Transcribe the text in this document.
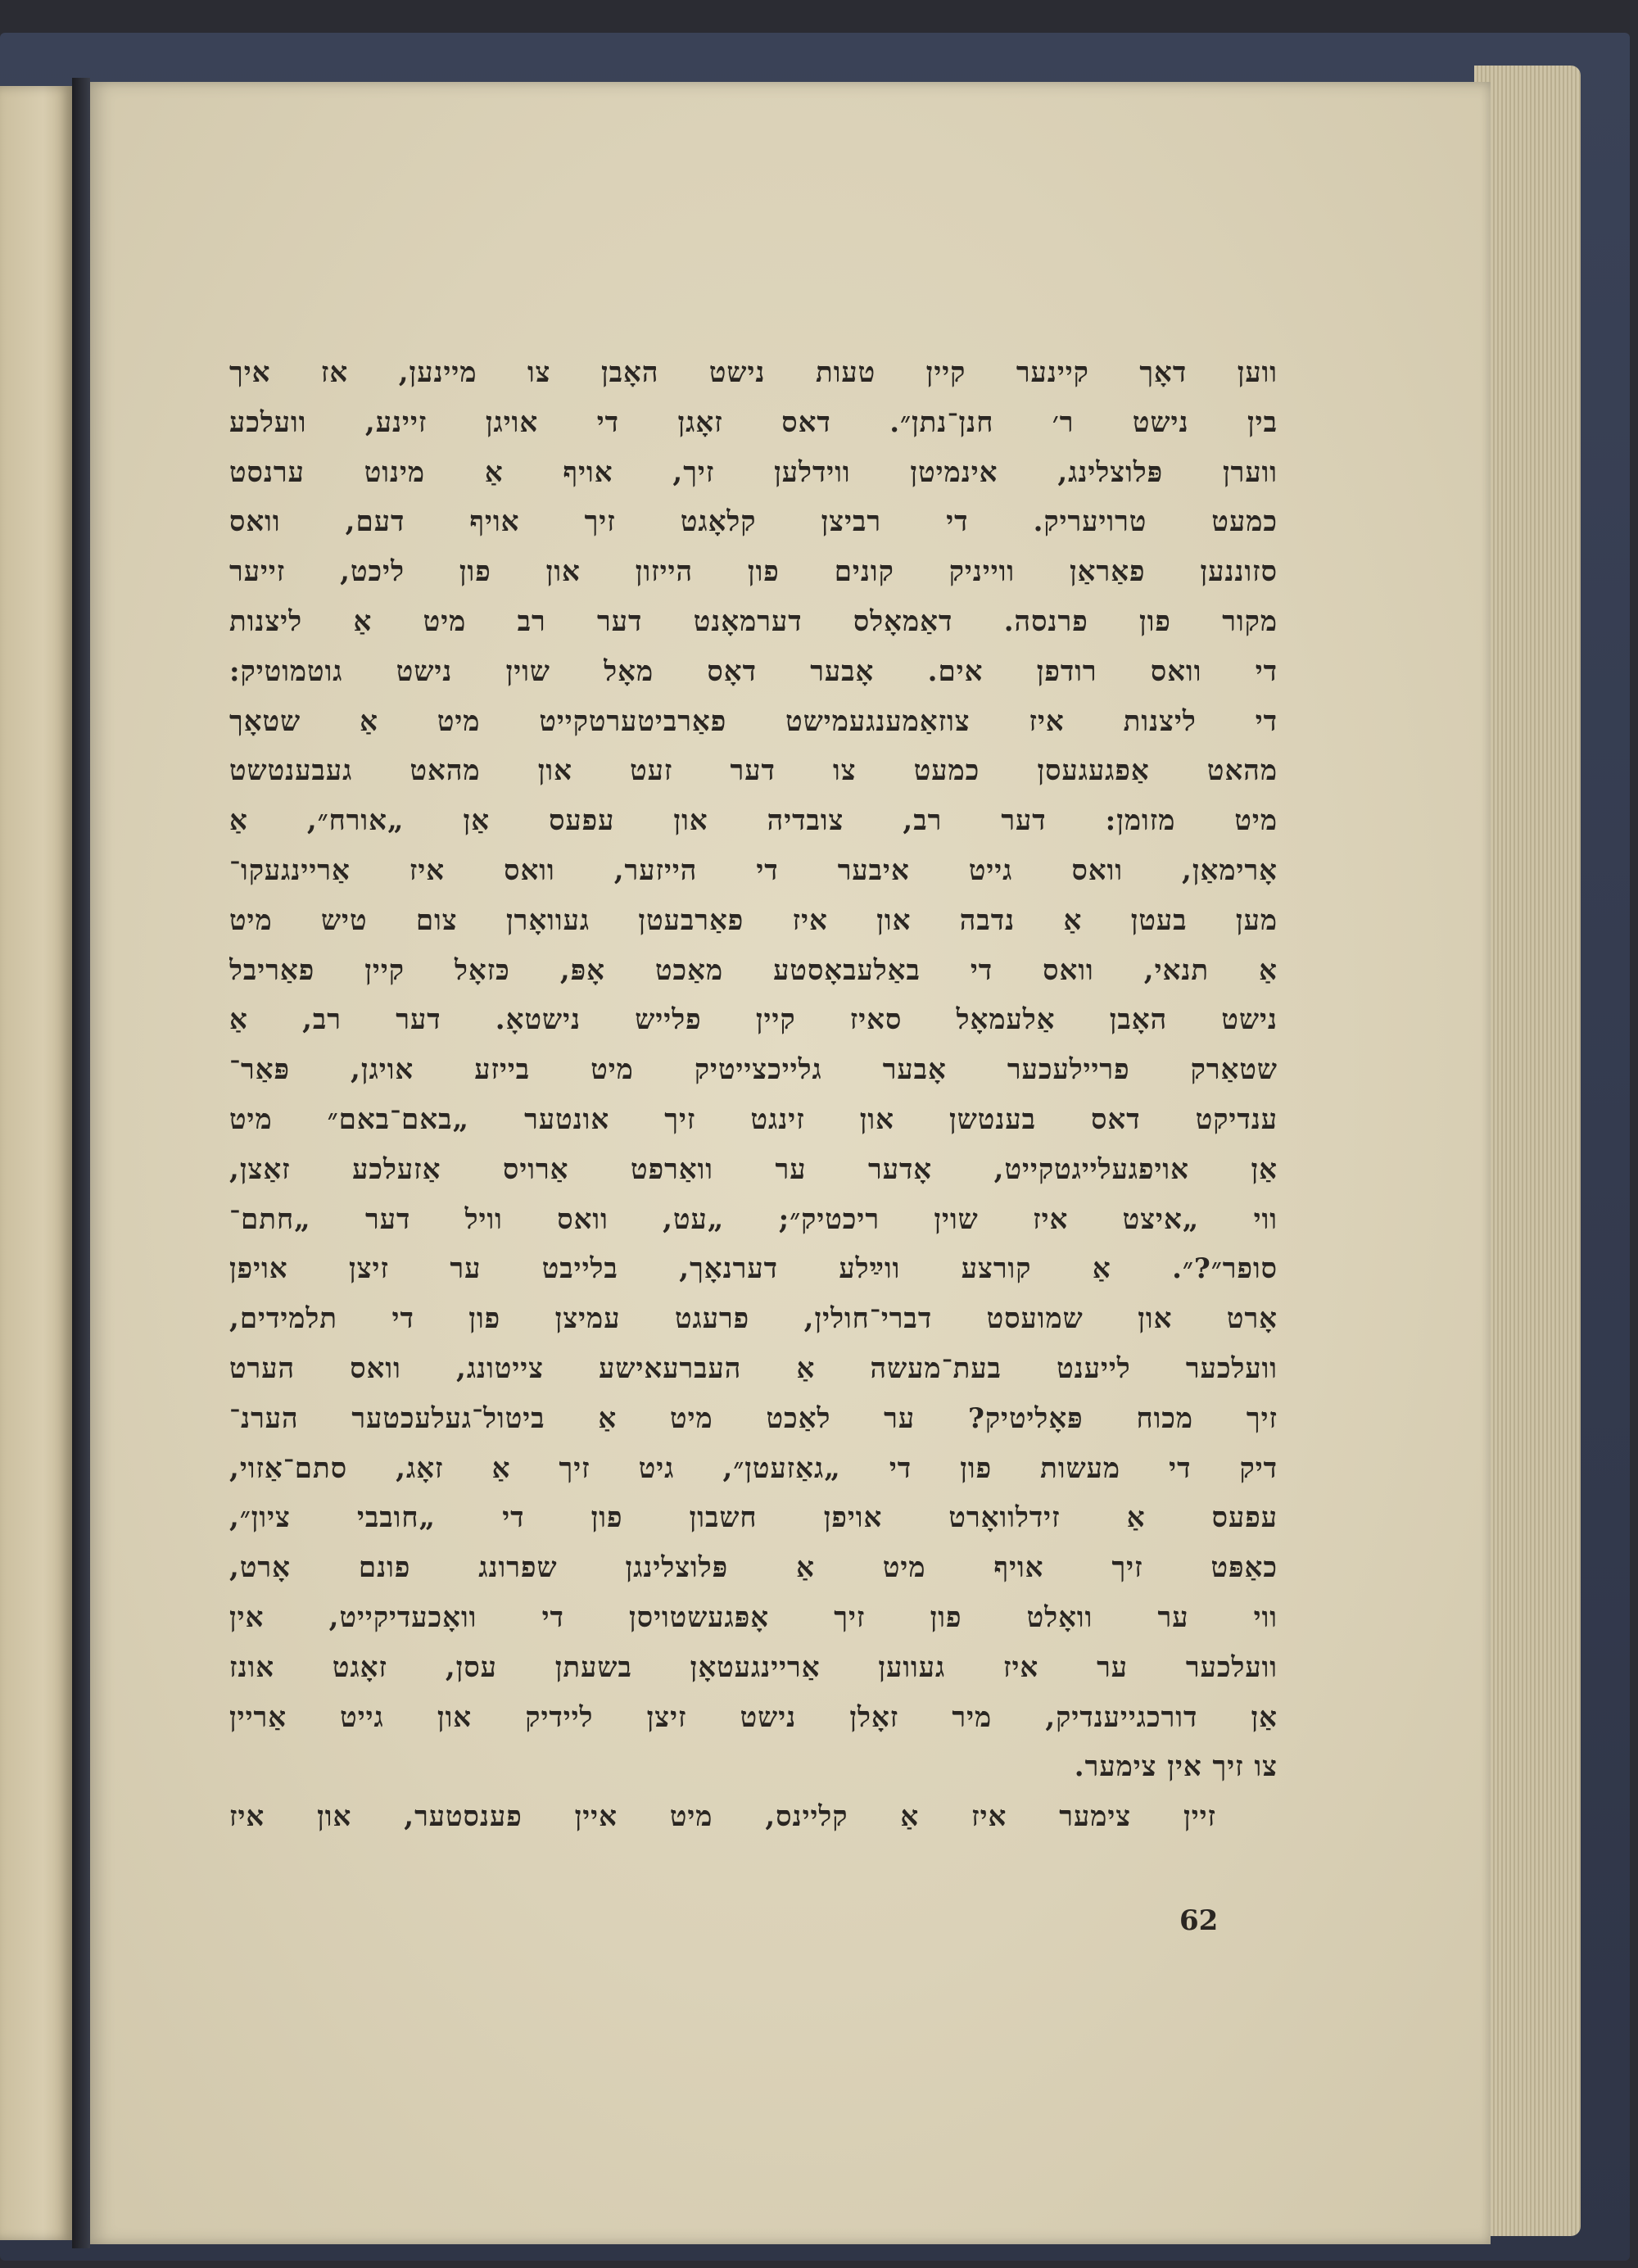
ווען דאָך קיינער קיין טעות נישט האָבן צו מיינען, אז איך
בין נישט ר׳ חנן־נתן״. דאס זאָגן די אויגן זיינע, וועלכע
ווערן פּלוצלינג, אינמיטן ווידלען זיך, אויף אַ מינוט ערנסט
כמעט טרויעריק. די רביצן קלאָגט זיך אויף דעם, וואס
סזוננען פאַראַן ווייניק קונים פון הייזון און פון ליכט, זייער
מקור פון פרנסה. דאַמאָלס דערמאָנט דער רב מיט אַ ליצנות
די וואס רודפן אים. אָבער דאָס מאָל שוין נישט גוטמוטיק:
די ליצנות איז צוזאַמענגעמישט פאַרביטערטקייט מיט אַ שטאָך
מהאט אַפגעגעסן כמעט צו דער זעט און מהאט געבענטשט
מיט מזומן: דער רב, צובדיה און עפעס אַן „אורח״, אַ
אָרימאַן, וואס גייט איבער די הייזער, וואס איז אַריינגעקו־
מען בעטן אַ נדבה און איז פאַרבעטן געוואָרן צום טיש מיט
אַ תנאי, וואס די באַלעבאָסטע מאַכט אָפּ, כּזאָל קיין פאַריבל
נישט האָבן אַלעמאָל סאיז קיין פלייש נישטאָ. דער רב, אַ
שטאַרק פריילעכער אָבער גלייכצייטיק מיט בייזע אויגן, פּאַר־
ענדיקט דאס בענטשן און זינגט זיך אונטער „באם־באם״ מיט
אַן אויפגעלייגטקייט, אָדער ער וואַרפט אַרויס אַזעלכע זאַצן,
ווי „איצט איז שוין ריכטיק״; „עט, וואס וויל דער „חתם־
סופר״?״. אַ קורצע ווײַלע דערנאָך, בלייבט ער זיצן אויפן
אָרט און שמועסט דברי־חולין, פרעגט עמיצן פון די תלמידים,
וועלכער לייענט בעת־מעשה אַ העברעאישע צייטונג, וואס הערט
זיך מכוח פּאָליטיק? ער לאַכט מיט אַ ביטול־געלעכטער הערנ־
דיק די מעשות פון די „גאַזעטן״, גיט זיך אַ זאָג, סתם־אַזוי,
עפעס אַ זידלוואָרט אויפן חשבון פון די „חובבי ציון״,
כאַפּט זיך אויף מיט אַ פּלוצלינגן שפרונג פונם אָרט,
ווי ער וואָלט פון זיך אָפּגעשטויסן די וואָכעדיקייט, אין
וועלכער ער איז געווען אַריינגעטאָן בשעתן עסן, זאָגט אונז
אַן דורכגייענדיק, מיר זאָלן נישט זיצן ליידיק און גייט אַריין
צו זיך אין צימער.
זיין צימער איז אַ קליינס, מיט איין פענסטער, און איז
62
